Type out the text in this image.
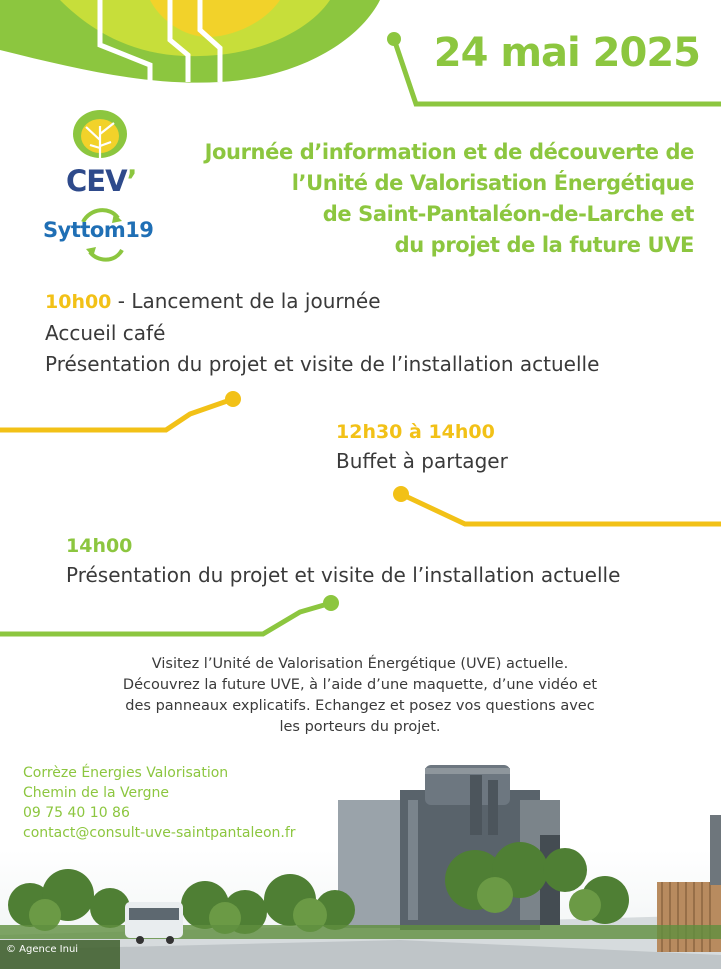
24 mai 2025
Journée d’information et de découverte de
l’Unité de Valorisation Énergétique
de Saint-Pantaléon-de-Larche et
du projet de la future UVE
CEV’
Syttom19
10h00 - Lancement de la journée
Accueil café
Présentation du projet et visite de l’installation actuelle
12h30 à 14h00
Buffet à partager
14h00
Présentation du projet et visite de l’installation actuelle
Visitez l’Unité de Valorisation Énergétique (UVE) actuelle.
Découvrez la future UVE, à l’aide d’une maquette, d’une vidéo et
des panneaux explicatifs. Echangez et posez vos questions avec
les porteurs du projet.
Corrèze Énergies Valorisation
Chemin de la Vergne
09 75 40 10 86
contact@consult-uve-saintpantaleon.fr
© Agence Inui
